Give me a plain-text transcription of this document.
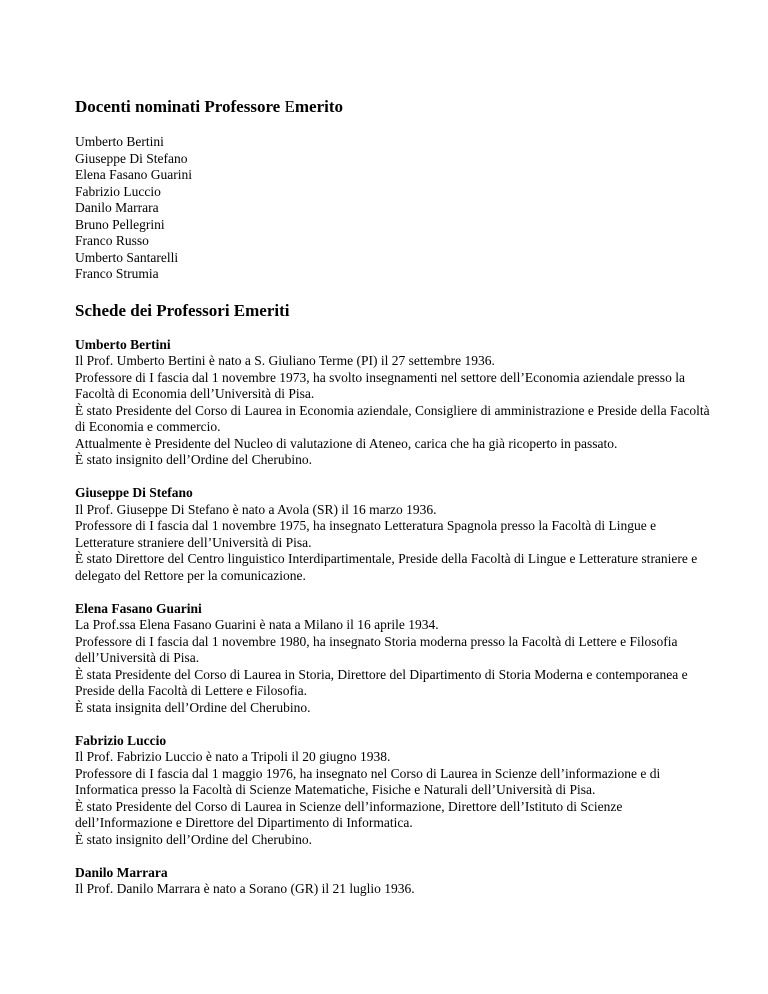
Docenti nominati Professore Emerito
Umberto Bertini
Giuseppe Di Stefano
Elena Fasano Guarini
Fabrizio Luccio
Danilo Marrara
Bruno Pellegrini
Franco Russo
Umberto Santarelli
Franco Strumia
Schede dei Professori Emeriti
Umberto Bertini

Il Prof. Umberto Bertini è nato a S. Giuliano Terme (PI) il 27 settembre 1936.

Professore di I fascia dal 1 novembre 1973, ha svolto insegnamenti nel settore dell’Economia aziendale presso la Facoltà di Economia dell’Università di Pisa.

È stato Presidente del Corso di Laurea in Economia aziendale, Consigliere di amministrazione e Preside della Facoltà di Economia e commercio.

Attualmente è Presidente del Nucleo di valutazione di Ateneo, carica che ha già ricoperto in passato.

È stato insignito dell’Ordine del Cherubino.

Giuseppe Di Stefano

Il Prof. Giuseppe Di Stefano è nato a Avola (SR) il 16 marzo 1936.

Professore di I fascia dal 1 novembre 1975, ha insegnato Letteratura Spagnola presso la Facoltà di Lingue e Letterature straniere dell’Università di Pisa.

È stato Direttore del Centro linguistico Interdipartimentale, Preside della Facoltà di Lingue e Letterature straniere e delegato del Rettore per la comunicazione.

Elena Fasano Guarini

La Prof.ssa Elena Fasano Guarini è nata a Milano il 16 aprile 1934.

Professore di I fascia dal 1 novembre 1980, ha insegnato Storia moderna presso la Facoltà di Lettere e Filosofia dell’Università di Pisa.

È stata Presidente del Corso di Laurea in Storia, Direttore del Dipartimento di Storia Moderna e contemporanea e Preside della Facoltà di Lettere e Filosofia.

È stata insignita dell’Ordine del Cherubino.

Fabrizio Luccio

Il Prof. Fabrizio Luccio è nato a Tripoli il 20 giugno 1938.

Professore di I fascia dal 1 maggio 1976, ha insegnato nel Corso di Laurea in Scienze dell’informazione e di Informatica presso la Facoltà di Scienze Matematiche, Fisiche e Naturali dell’Università di Pisa.

È stato Presidente del Corso di Laurea in Scienze dell’informazione, Direttore dell’Istituto di Scienze dell’Informazione e Direttore del Dipartimento di Informatica.

È stato insignito dell’Ordine del Cherubino.

Danilo Marrara

Il Prof. Danilo Marrara è nato a Sorano (GR) il 21 luglio 1936.
